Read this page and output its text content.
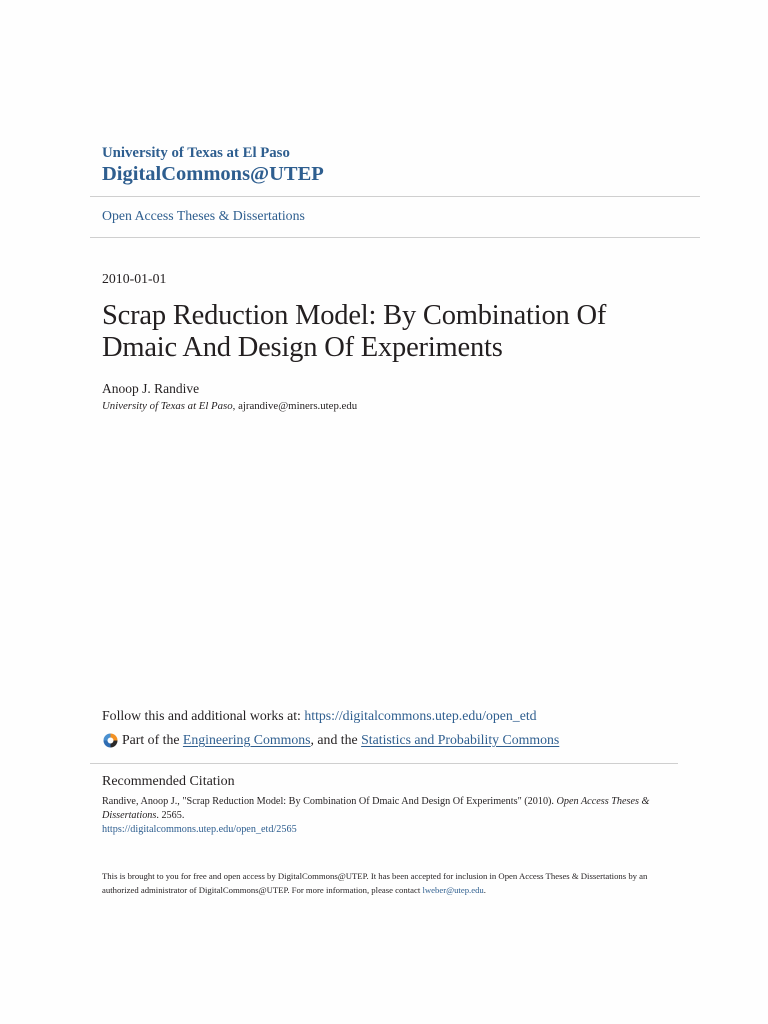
University of Texas at El Paso
DigitalCommons@UTEP
Open Access Theses & Dissertations
2010-01-01
Scrap Reduction Model: By Combination Of
Dmaic And Design Of Experiments
Anoop J. Randive
University of Texas at El Paso, ajrandive@miners.utep.edu
Follow this and additional works at: https://digitalcommons.utep.edu/open_etd
Part of the Engineering Commons , and the Statistics and Probability Commons
Recommended Citation
Randive, Anoop J., "Scrap Reduction Model: By Combination Of Dmaic And Design Of Experiments" (2010). Open Access Theses & Dissertations. 2565.
https://digitalcommons.utep.edu/open_etd/2565
This is brought to you for free and open access by DigitalCommons@UTEP. It has been accepted for inclusion in Open Access Theses & Dissertations by an authorized administrator of DigitalCommons@UTEP. For more information, please contact lweber@utep.edu.
